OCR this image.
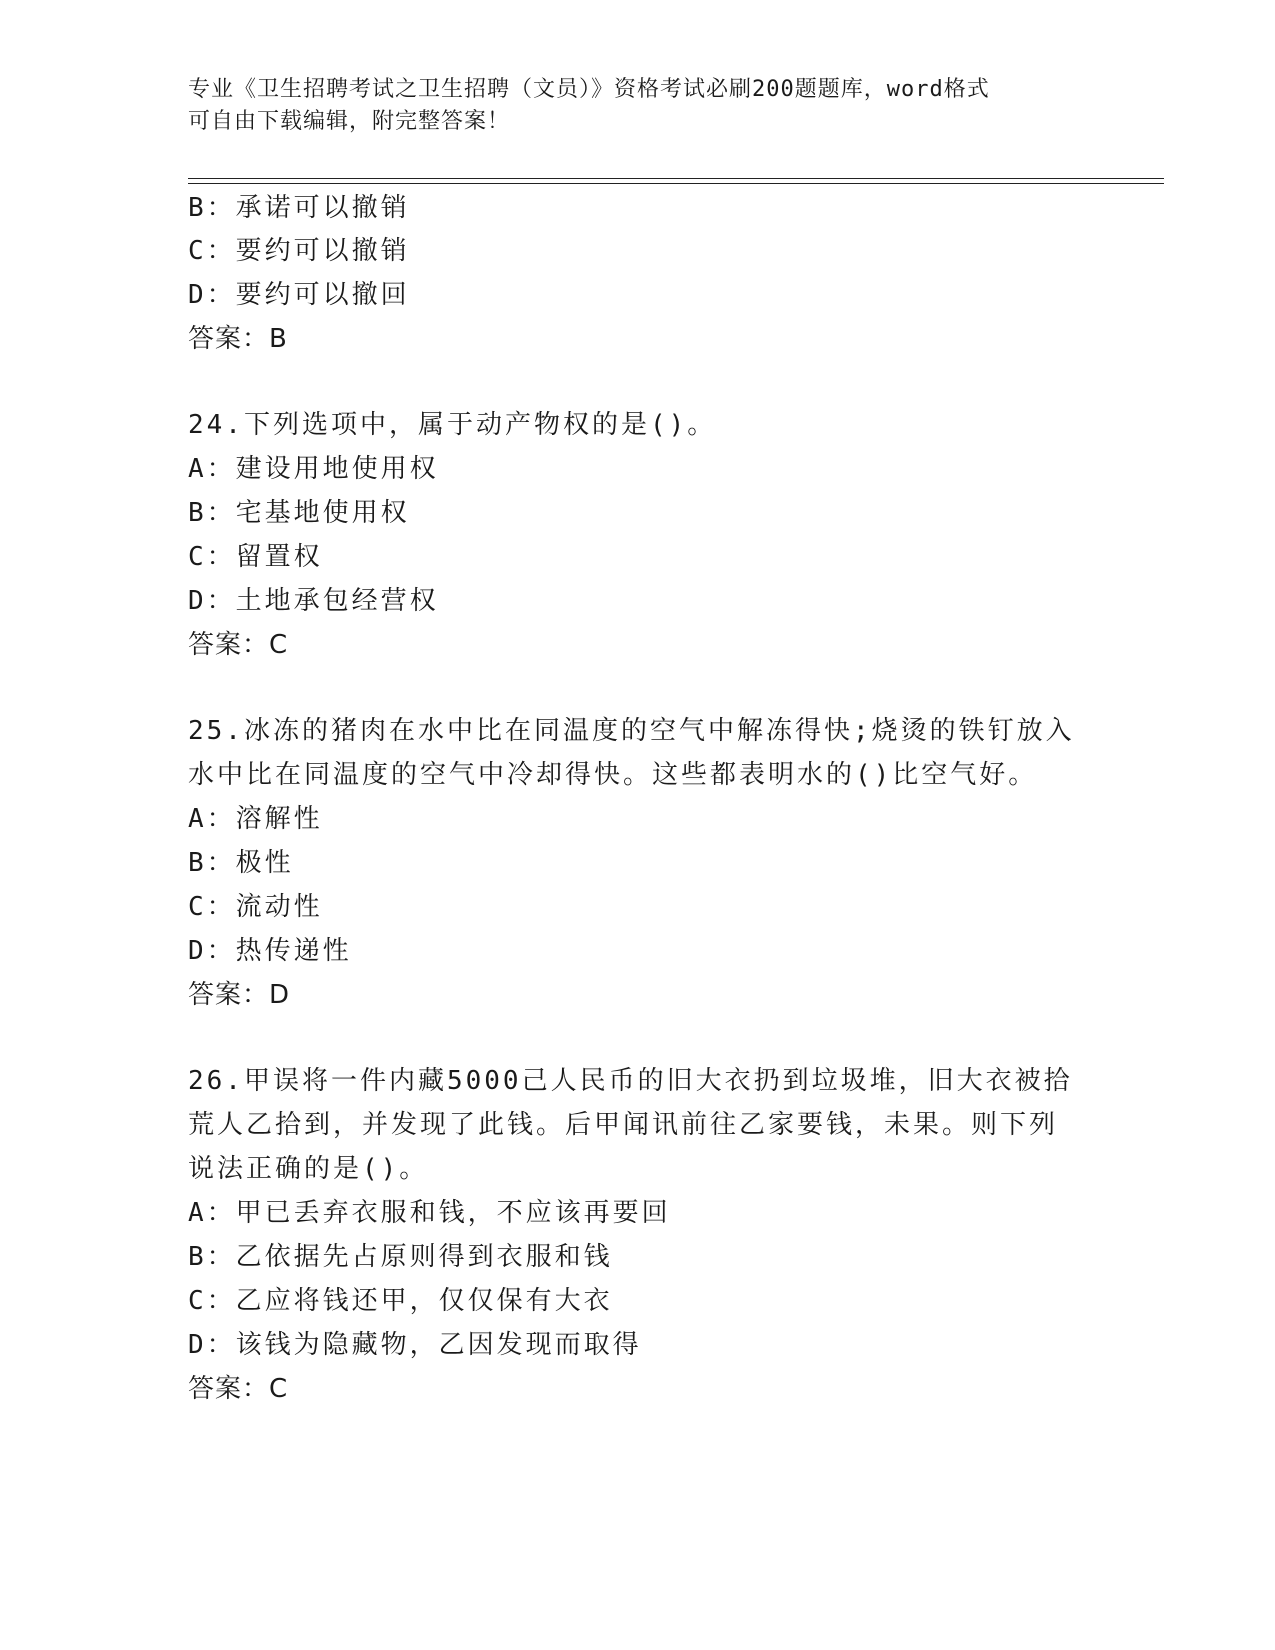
专业《卫生招聘考试之卫生招聘（文员）》资格考试必刷200题题库，word格式
可自由下载编辑，附完整答案！
B：承诺可以撤销
C：要约可以撤销
D：要约可以撤回
答案：B
24.下列选项中，属于动产物权的是()。
A：建设用地使用权
B：宅基地使用权
C：留置权
D：土地承包经营权
答案：C
25.冰冻的猪肉在水中比在同温度的空气中解冻得快;烧烫的铁钉放入
水中比在同温度的空气中冷却得快。这些都表明水的()比空气好。
A：溶解性
B：极性
C：流动性
D：热传递性
答案：D
26.甲误将一件内藏5000己人民币的旧大衣扔到垃圾堆，旧大衣被拾
荒人乙拾到，并发现了此钱。后甲闻讯前往乙家要钱，未果。则下列
说法正确的是()。
A：甲已丢弃衣服和钱，不应该再要回
B：乙依据先占原则得到衣服和钱
C：乙应将钱还甲，仅仅保有大衣
D：该钱为隐藏物，乙因发现而取得
答案：C
